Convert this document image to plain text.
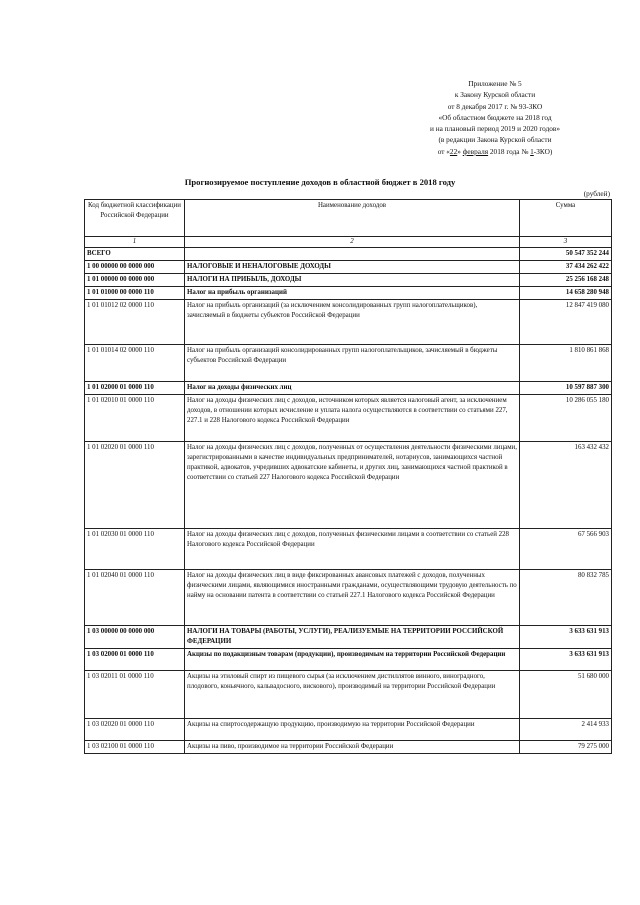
Приложение № 5
к Закону Курской области
от 8 декабря 2017 г. № 93-ЗКО
«Об областном бюджете на 2018 год
и на плановый период 2019 и 2020 годов»
(в редакции Закона Курской области
от «22» февраля 2018 года № 1-ЗКО)
Прогнозируемое поступление доходов в областной бюджет в 2018 году
(рублей)
Код бюджетной классификации Российской Федерации	Наименование доходов	Сумма
1	2	3
ВСЕГО		50 547 352 244
1 00 00000 00 0000 000	НАЛОГОВЫЕ И НЕНАЛОГОВЫЕ ДОХОДЫ	37 434 262 422
1 01 00000 00 0000 000	НАЛОГИ НА ПРИБЫЛЬ, ДОХОДЫ	25 256 168 248
1 01 01000 00 0000 110	Налог на прибыль организаций	14 658 280 948
1 01 01012 02 0000 110	Налог на прибыль организаций (за исключением консолидированных групп налогоплательщиков), зачисляемый в бюджеты субъектов Российской Федерации	12 847 419 080
1 01 01014 02 0000 110	Налог на прибыль организаций консолидированных групп налогоплательщиков, зачисляемый в бюджеты субъектов Российской Федерации	1 810 861 868
1 01 02000 01 0000 110	Налог на доходы физических лиц	10 597 887 300
1 01 02010 01 0000 110	Налог на доходы физических лиц с доходов, источником которых является налоговый агент, за исключением доходов, в отношении которых исчисление и уплата налога осуществляются в соответствии со статьями 227, 227.1 и 228 Налогового кодекса Российской Федерации	10 286 055 180
1 01 02020 01 0000 110	Налог на доходы физических лиц с доходов, полученных от осуществления деятельности физическими лицами, зарегистрированными в качестве индивидуальных предпринимателей, нотариусов, занимающихся частной практикой, адвокатов, учредивших адвокатские кабинеты, и других лиц, занимающихся частной практикой в соответствии со статьей 227 Налогового кодекса Российской Федерации	163 432 432
1 01 02030 01 0000 110	Налог на доходы физических лиц с доходов, полученных физическими лицами в соответствии со статьей 228 Налогового кодекса Российской Федерации	67 566 903
1 01 02040 01 0000 110	Налог на доходы физических лиц в виде фиксированных авансовых платежей с доходов, полученных физическими лицами, являющимися иностранными гражданами, осуществляющими трудовую деятельность по найму на основании патента в соответствии со статьей 227.1 Налогового кодекса Российской Федерации	80 832 785
1 03 00000 00 0000 000	НАЛОГИ НА ТОВАРЫ (РАБОТЫ, УСЛУГИ), РЕАЛИЗУЕМЫЕ НА ТЕРРИТОРИИ РОССИЙСКОЙ ФЕДЕРАЦИИ	3 633 631 913
1 03 02000 01 0000 110	Акцизы по подакцизным товарам (продукции), производимым на территории Российской Федерации	3 633 631 913
1 03 02011 01 0000 110	Акцизы на этиловый спирт из пищевого сырья (за исключением дистиллятов винного, виноградного, плодового, коньячного, кальвадосного, вискового), производимый на территории Российской Федерации	51 680 000
1 03 02020 01 0000 110	Акцизы на спиртосодержащую продукцию, производимую на территории Российской Федерации	2 414 933
1 03 02100 01 0000 110	Акцизы на пиво, производимое на территории Российской Федерации	79 275 000
